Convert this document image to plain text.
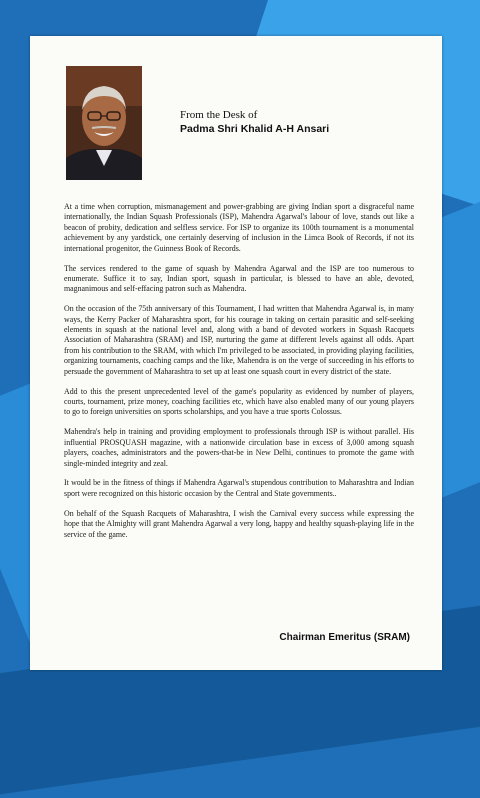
From the Desk of
Padma Shri Khalid A-H Ansari

At a time when corruption, mismanagement and power-grabbing are giving Indian sport a disgraceful name internationally, the Indian Squash Professionals (ISP), Mahendra Agarwal's labour of love, stands out like a beacon of probity, dedication and selfless service. For ISP to organize its 100th tournament is a monumental achievement by any yardstick, one certainly deserving of inclusion in the Limca Book of Records, if not its international progenitor, the Guinness Book of Records.

The services rendered to the game of squash by Mahendra Agarwal and the ISP are too numerous to enumerate. Suffice it to say, Indian sport, squash in particular, is blessed to have an able, devoted, magnanimous and self-effacing patron such as Mahendra.

On the occasion of the 75th anniversary of this Tournament, I had written that Mahendra Agarwal is, in many ways, the Kerry Packer of Maharashtra sport, for his courage in taking on certain parasitic and self-seeking elements in squash at the national level and, along with a band of devoted workers in Squash Racquets Association of Maharashtra (SRAM) and ISP, nurturing the game at different levels against all odds. Apart from his contribution to the SRAM, with which I'm privileged to be associated, in providing playing facilities, organizing tournaments, coaching camps and the like, Mahendra is on the verge of succeeding in his efforts to persuade the government of Maharashtra to set up at least one squash court in every district of the state.

Add to this the present unprecedented level of the game's popularity as evidenced by number of players, courts, tournament, prize money, coaching facilities etc, which have also enabled many of our young players to go to foreign universities on sports scholarships, and you have a true sports Colossus.

Mahendra's help in training and providing employment to professionals through ISP is without parallel. His influential PROSQUASH magazine, with a nationwide circulation base in excess of 3,000 among squash players, coaches, administrators and the powers-that-be in New Delhi, continues to promote the game with single-minded integrity and zeal.

It would be in the fitness of things if Mahendra Agarwal's stupendous contribution to Maharashtra and Indian sport were recognized on this historic occasion by the Central and State governments..

On behalf of the Squash Racquets of Maharashtra, I wish the Carnival every success while expressing the hope that the Almighty will grant Mahendra Agarwal a very long, happy and healthy squash-playing life in the service of the game.

Chairman Emeritus (SRAM)
